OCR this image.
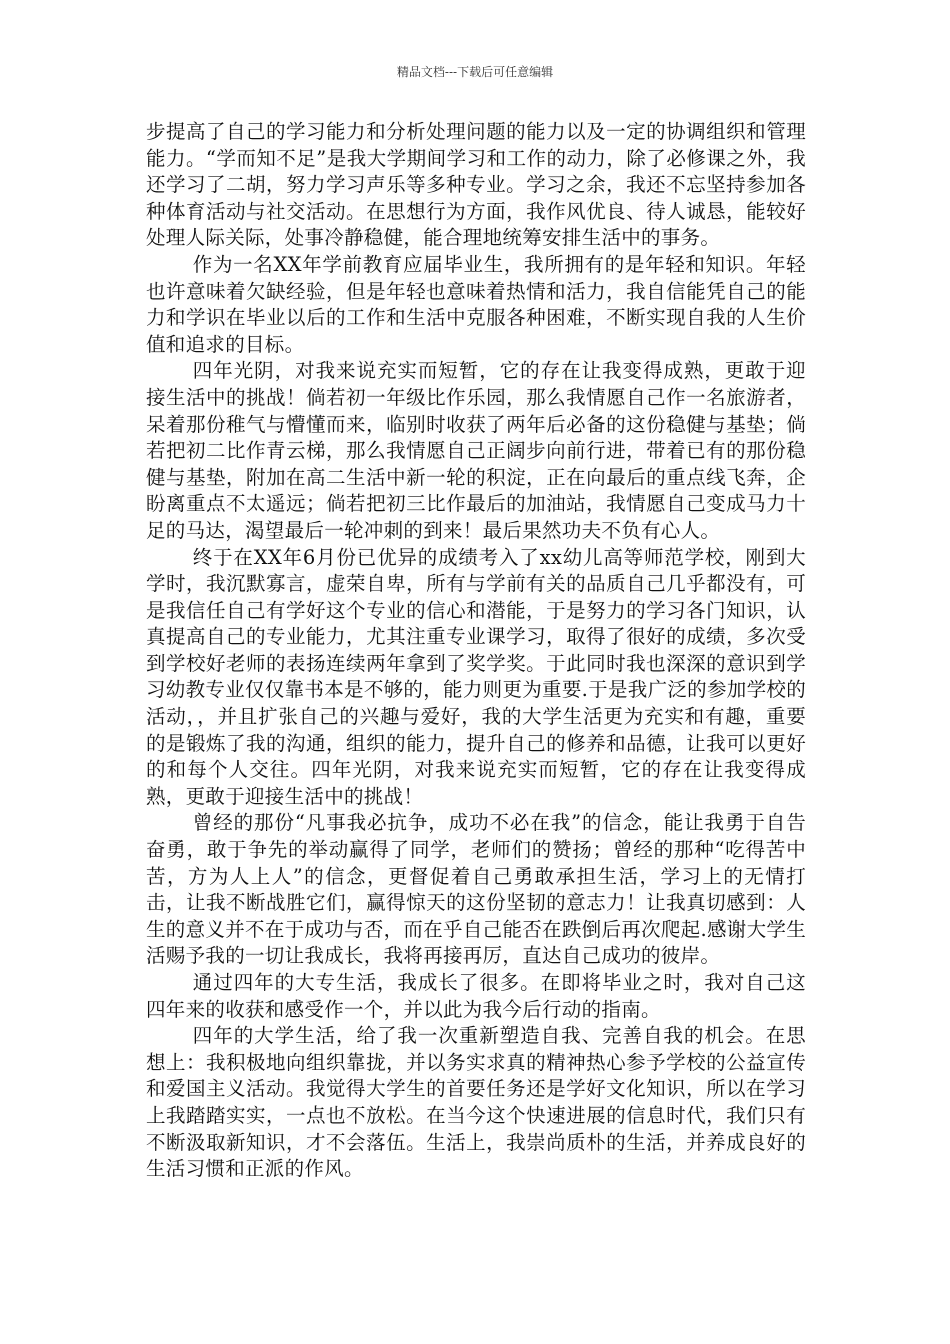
精品文档---下载后可任意编辑

步提高了自己的学习能力和分析处理问题的能力以及一定的协调组织和管理能力。“学而知不足”是我大学期间学习和工作的动力，除了必修课之外，我还学习了二胡，努力学习声乐等多种专业。学习之余，我还不忘坚持参加各种体育活动与社交活动。在思想行为方面，我作风优良、待人诚恳，能较好处理人际关际，处事冷静稳健，能合理地统筹安排生活中的事务。

作为一名XX年学前教育应届毕业生，我所拥有的是年轻和知识。年轻也许意味着欠缺经验，但是年轻也意味着热情和活力，我自信能凭自己的能力和学识在毕业以后的工作和生活中克服各种困难，不断实现自我的人生价值和追求的目标。

四年光阴，对我来说充实而短暂，它的存在让我变得成熟，更敢于迎接生活中的挑战！倘若初一年级比作乐园，那么我情愿自己作一名旅游者，呆着那份稚气与懵懂而来，临别时收获了两年后必备的这份稳健与基垫；倘若把初二比作青云梯，那么我情愿自己正阔步向前行进，带着已有的那份稳健与基垫，附加在高二生活中新一轮的积淀，正在向最后的重点线飞奔，企盼离重点不太遥远；倘若把初三比作最后的加油站，我情愿自己变成马力十足的马达，渴望最后一轮冲刺的到来！最后果然功夫不负有心人。

终于在XX年6月份已优异的成绩考入了xx幼儿高等师范学校，刚到大学时，我沉默寡言，虚荣自卑，所有与学前有关的品质自己几乎都没有，可是我信任自己有学好这个专业的信心和潜能，于是努力的学习各门知识，认真提高自己的专业能力，尤其注重专业课学习，取得了很好的成绩，多次受到学校好老师的表扬连续两年拿到了奖学奖。于此同时我也深深的意识到学习幼教专业仅仅靠书本是不够的，能力则更为重要.于是我广泛的参加学校的活动，，并且扩张自己的兴趣与爱好，我的大学生活更为充实和有趣，重要的是锻炼了我的沟通，组织的能力，提升自己的修养和品德，让我可以更好的和每个人交往。四年光阴，对我来说充实而短暂，它的存在让我变得成熟，更敢于迎接生活中的挑战！

曾经的那份“凡事我必抗争，成功不必在我”的信念，能让我勇于自告奋勇，敢于争先的举动赢得了同学，老师们的赞扬；曾经的那种“吃得苦中苦，方为人上人”的信念，更督促着自己勇敢承担生活，学习上的无情打击，让我不断战胜它们，赢得惊天的这份坚韧的意志力！让我真切感到：人生的意义并不在于成功与否，而在乎自己能否在跌倒后再次爬起.感谢大学生活赐予我的一切让我成长，我将再接再厉，直达自己成功的彼岸。

通过四年的大专生活，我成长了很多。在即将毕业之时，我对自己这四年来的收获和感受作一个，并以此为我今后行动的指南。

四年的大学生活，给了我一次重新塑造自我、完善自我的机会。在思想上：我积极地向组织靠拢，并以务实求真的精神热心参予学校的公益宣传和爱国主义活动。我觉得大学生的首要任务还是学好文化知识，所以在学习上我踏踏实实，一点也不放松。在当今这个快速进展的信息时代，我们只有不断汲取新知识，才不会落伍。生活上，我崇尚质朴的生活，并养成良好的生活习惯和正派的作风。
